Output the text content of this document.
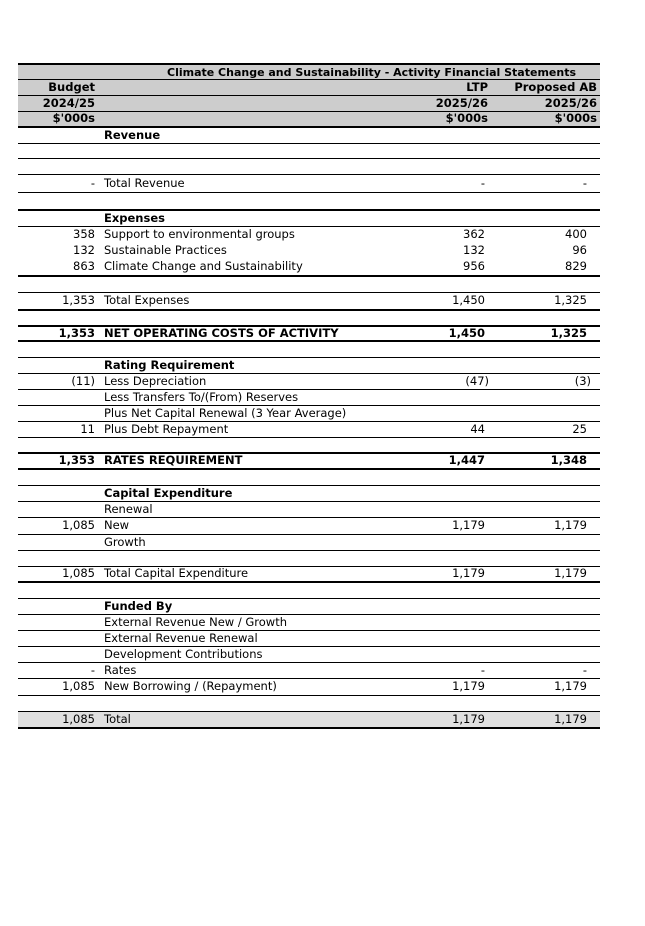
Climate Change and Sustainability - Activity Financial Statements
Budget	LTP	Proposed AB
2024/25	2025/26	2025/26
$'000s	$'000s	$'000s
Revenue
- Total Revenue	-	-
Expenses
358 Support to environmental groups	362	400
132 Sustainable Practices	132	96
863 Climate Change and Sustainability	956	829
1,353 Total Expenses	1,450	1,325
1,353 NET OPERATING COSTS OF ACTIVITY	1,450	1,325
Rating Requirement
(11) Less Depreciation	(47)	(3)
Less Transfers To/(From) Reserves
Plus Net Capital Renewal (3 Year Average)
11 Plus Debt Repayment	44	25
1,353 RATES REQUIREMENT	1,447	1,348
Capital Expenditure
Renewal
1,085 New	1,179	1,179
Growth
1,085 Total Capital Expenditure	1,179	1,179
Funded By
External Revenue New / Growth
External Revenue Renewal
Development Contributions
- Rates	-	-
1,085 New Borrowing / (Repayment)	1,179	1,179
1,085 Total	1,179	1,179
